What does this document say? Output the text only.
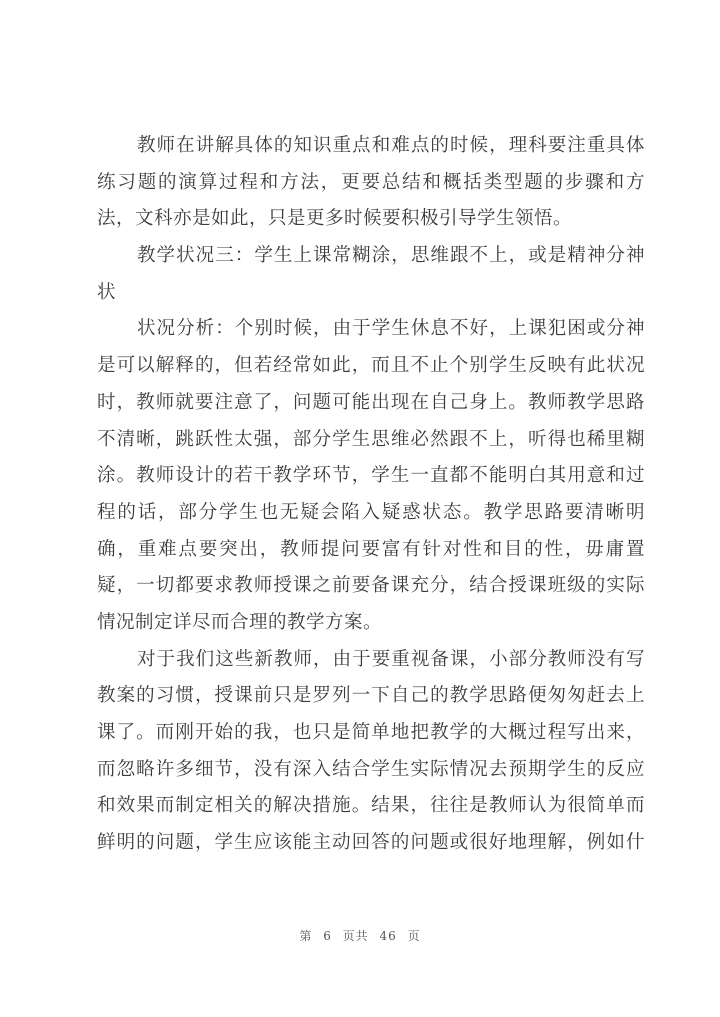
教师在讲解具体的知识重点和难点的时候，理科要注重具体
练习题的演算过程和方法，更要总结和概括类型题的步骤和方
法，文科亦是如此，只是更多时候要积极引导学生领悟。
教学状况三：学生上课常糊涂，思维跟不上，或是精神分神
状
状况分析：个别时候，由于学生休息不好，上课犯困或分神
是可以解释的，但若经常如此，而且不止个别学生反映有此状况
时，教师就要注意了，问题可能出现在自己身上。教师教学思路
不清晰，跳跃性太强，部分学生思维必然跟不上，听得也稀里糊
涂。教师设计的若干教学环节，学生一直都不能明白其用意和过
程的话，部分学生也无疑会陷入疑惑状态。教学思路要清晰明
确，重难点要突出，教师提问要富有针对性和目的性，毋庸置
疑，一切都要求教师授课之前要备课充分，结合授课班级的实际
情况制定详尽而合理的教学方案。
对于我们这些新教师，由于要重视备课，小部分教师没有写
教案的习惯，授课前只是罗列一下自己的教学思路便匆匆赶去上
课了。而刚开始的我，也只是简单地把教学的大概过程写出来，
而忽略许多细节，没有深入结合学生实际情况去预期学生的反应
和效果而制定相关的解决措施。结果，往往是教师认为很简单而
鲜明的问题，学生应该能主动回答的问题或很好地理解，例如什
第 6 页共 46 页
